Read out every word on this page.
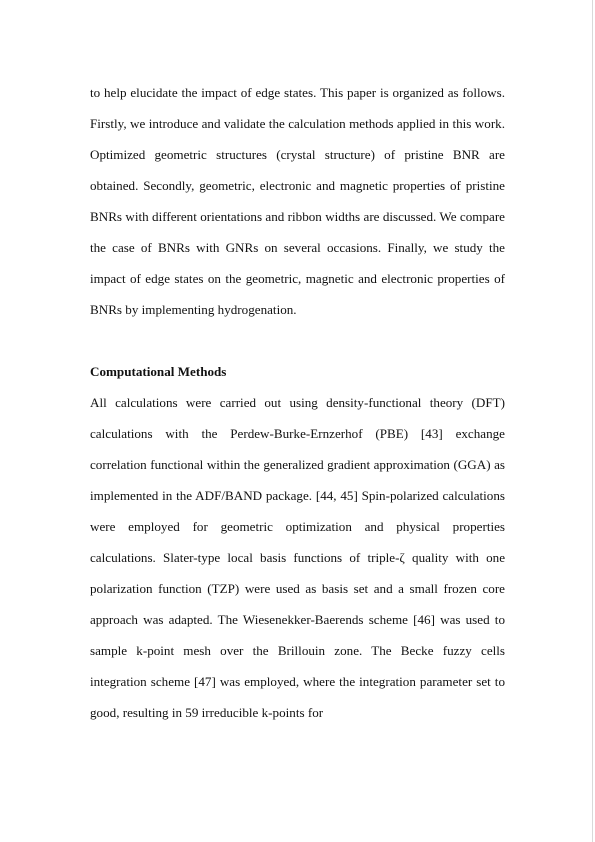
to help elucidate the impact of edge states. This paper is organized as follows. Firstly, we introduce and validate the calculation methods applied in this work. Optimized geometric structures (crystal structure) of pristine BNR are obtained. Secondly, geometric, electronic and magnetic properties of pristine BNRs with different orientations and ribbon widths are discussed. We compare the case of BNRs with GNRs on several occasions. Finally, we study the impact of edge states on the geometric, magnetic and electronic properties of BNRs by implementing hydrogenation.

Computational Methods

All calculations were carried out using density-functional theory (DFT) calculations with the Perdew-Burke-Ernzerhof (PBE) [43] exchange correlation functional within the generalized gradient approximation (GGA) as implemented in the ADF/BAND package. [44, 45] Spin-polarized calculations were employed for geometric optimization and physical properties calculations. Slater-type local basis functions of triple-ζ quality with one polarization function (TZP) were used as basis set and a small frozen core approach was adapted. The Wiesenekker-Baerends scheme [46] was used to sample k-point mesh over the Brillouin zone. The Becke fuzzy cells integration scheme [47] was employed, where the integration parameter set to good, resulting in 59 irreducible k-points for
